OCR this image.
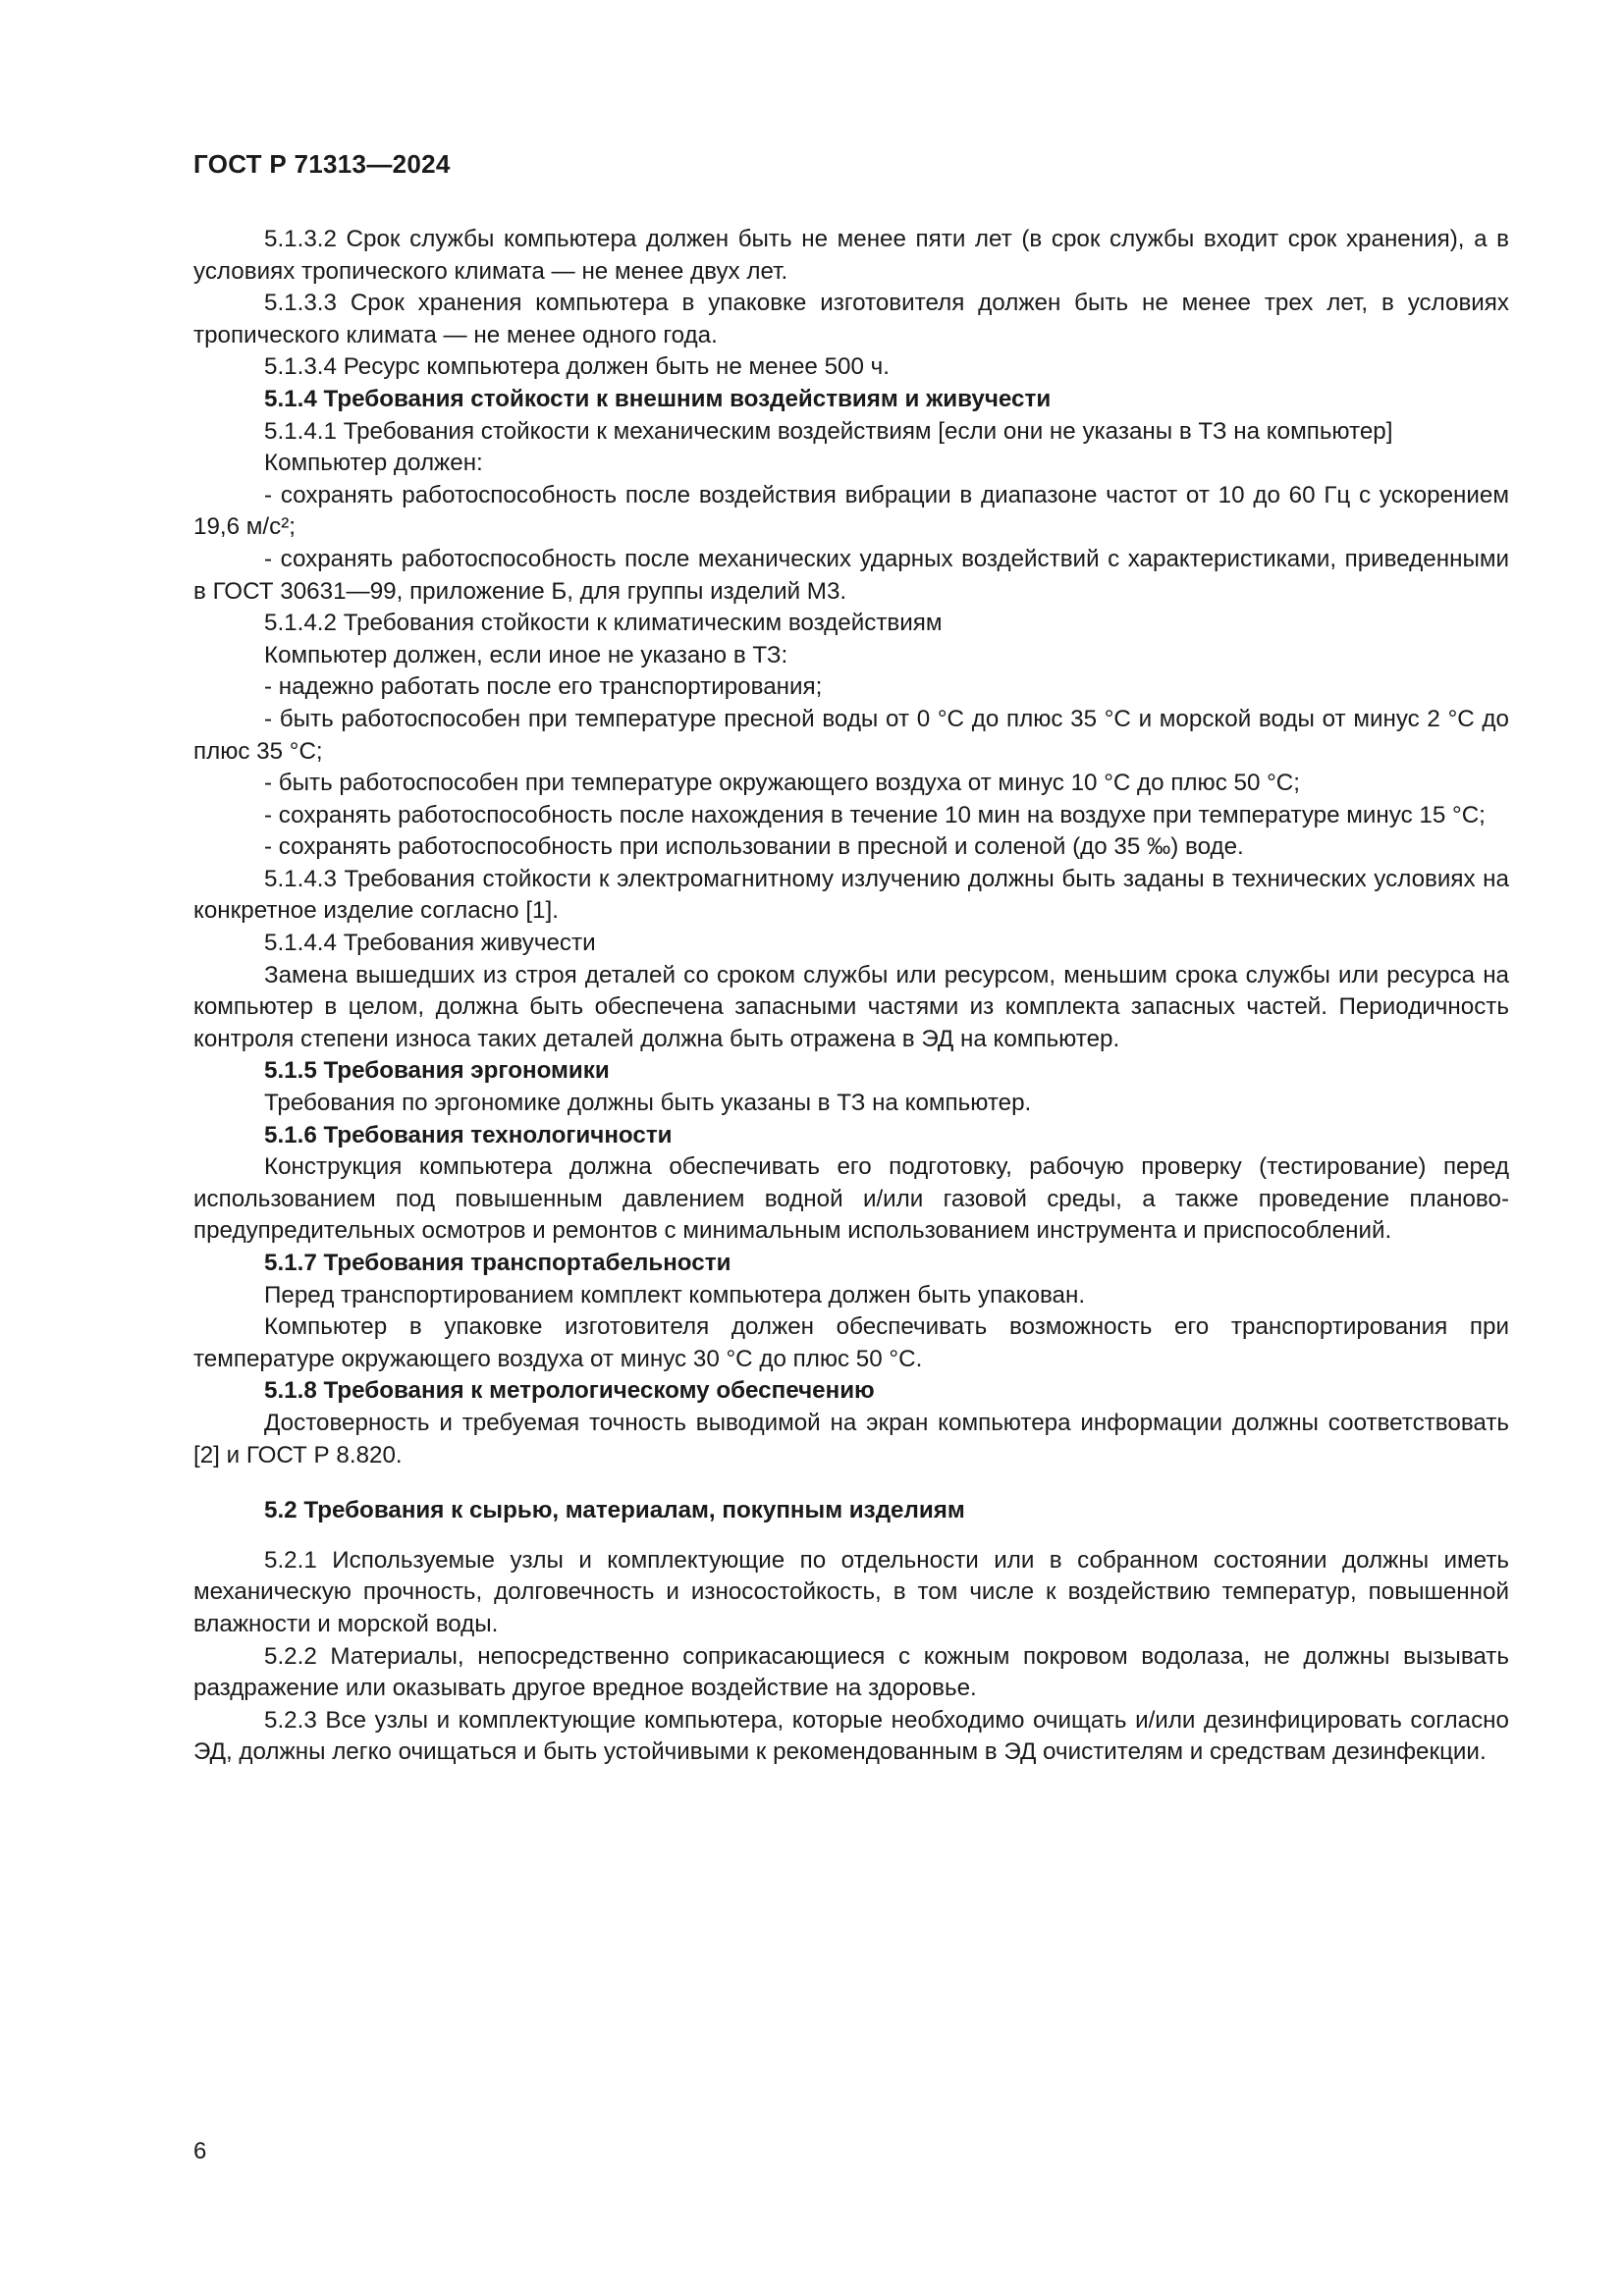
ГОСТ Р 71313—2024

5.1.3.2 Срок службы компьютера должен быть не менее пяти лет (в срок службы входит срок хранения), а в условиях тропического климата — не менее двух лет.

5.1.3.3 Срок хранения компьютера в упаковке изготовителя должен быть не менее трех лет, в условиях тропического климата — не менее одного года.

5.1.3.4 Ресурс компьютера должен быть не менее 500 ч.

5.1.4 Требования стойкости к внешним воздействиям и живучести

5.1.4.1 Требования стойкости к механическим воздействиям [если они не указаны в ТЗ на компьютер]

Компьютер должен:

- сохранять работоспособность после воздействия вибрации в диапазоне частот от 10 до 60 Гц с ускорением 19,6 м/с²;

- сохранять работоспособность после механических ударных воздействий с характеристиками, приведенными в ГОСТ 30631—99, приложение Б, для группы изделий М3.

5.1.4.2 Требования стойкости к климатическим воздействиям

Компьютер должен, если иное не указано в ТЗ:

- надежно работать после его транспортирования;

- быть работоспособен при температуре пресной воды от 0 °С до плюс 35 °С и морской воды от минус 2 °С до плюс 35 °С;

- быть работоспособен при температуре окружающего воздуха от минус 10 °С до плюс 50 °С;

- сохранять работоспособность после нахождения в течение 10 мин на воздухе при температуре минус 15 °С;

- сохранять работоспособность при использовании в пресной и соленой (до 35 ‰) воде.

5.1.4.3 Требования стойкости к электромагнитному излучению должны быть заданы в технических условиях на конкретное изделие согласно [1].

5.1.4.4 Требования живучести

Замена вышедших из строя деталей со сроком службы или ресурсом, меньшим срока службы или ресурса на компьютер в целом, должна быть обеспечена запасными частями из комплекта запасных частей. Периодичность контроля степени износа таких деталей должна быть отражена в ЭД на компьютер.

5.1.5 Требования эргономики

Требования по эргономике должны быть указаны в ТЗ на компьютер.

5.1.6 Требования технологичности

Конструкция компьютера должна обеспечивать его подготовку, рабочую проверку (тестирование) перед использованием под повышенным давлением водной и/или газовой среды, а также проведение планово-предупредительных осмотров и ремонтов с минимальным использованием инструмента и приспособлений.

5.1.7 Требования транспортабельности

Перед транспортированием комплект компьютера должен быть упакован.

Компьютер в упаковке изготовителя должен обеспечивать возможность его транспортирования при температуре окружающего воздуха от минус 30 °С до плюс 50 °С.

5.1.8 Требования к метрологическому обеспечению

Достоверность и требуемая точность выводимой на экран компьютера информации должны соответствовать [2] и ГОСТ Р 8.820.

5.2 Требования к сырью, материалам, покупным изделиям

5.2.1 Используемые узлы и комплектующие по отдельности или в собранном состоянии должны иметь механическую прочность, долговечность и износостойкость, в том числе к воздействию температур, повышенной влажности и морской воды.

5.2.2 Материалы, непосредственно соприкасающиеся с кожным покровом водолаза, не должны вызывать раздражение или оказывать другое вредное воздействие на здоровье.

5.2.3 Все узлы и комплектующие компьютера, которые необходимо очищать и/или дезинфицировать согласно ЭД, должны легко очищаться и быть устойчивыми к рекомендованным в ЭД очистителям и средствам дезинфекции.

6
